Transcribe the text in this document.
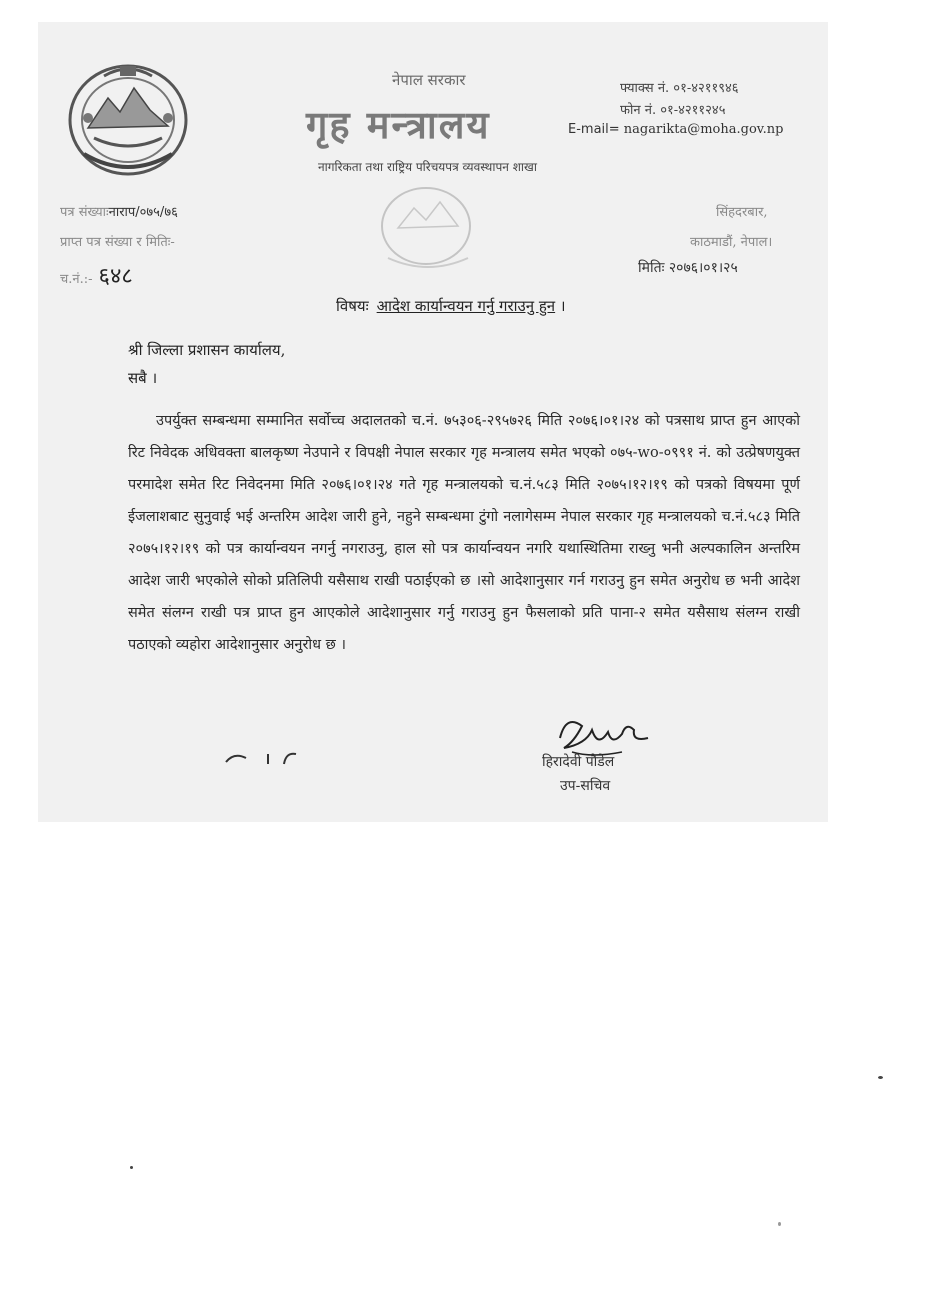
नेपाल सरकार
गृह मन्त्रालय
फ्याक्स नं. ०१-४२११९४६
फोन नं. ०१-४२११२४५
E-mail= nagarikta@moha.gov.np
नागरिकता तथा राष्ट्रिय परिचयपत्र व्यवस्थापन शाखा
पत्र संख्याःनाराप/०७५/७६
प्राप्त पत्र संख्या र मितिः-
च.नं.:- ६४८
सिंहदरबार,
काठमाडौं, नेपाल।
मितिः २०७६।०१।२५
विषयः आदेश कार्यान्वयन गर्नु गराउनु हुन ।
श्री जिल्ला प्रशासन कार्यालय,
सबै ।
उपर्युक्त सम्बन्धमा सम्मानित सर्वोच्च अदालतको च.नं. ७५३०६-२९५७२६ मिति २०७६।०१।२४ को पत्रसाथ प्राप्त हुन आएको रिट निवेदक अधिवक्ता बालकृष्ण नेउपाने र विपक्षी नेपाल सरकार गृह मन्त्रालय समेत भएको ०७५-wo-०९९१ नं. को उत्प्रेषणयुक्त परमादेश समेत रिट निवेदनमा मिति २०७६।०१।२४ गते गृह मन्त्रालयको च.नं.५८३ मिति २०७५।१२।१९ को पत्रको विषयमा पूर्ण ईजलाशबाट सुनुवाई भई अन्तरिम आदेश जारी हुने, नहुने सम्बन्धमा टुंगो नलागेसम्म नेपाल सरकार गृह मन्त्रालयको च.नं.५८३ मिति २०७५।१२।१९ को पत्र कार्यान्वयन नगर्नु नगराउनु, हाल सो पत्र कार्यान्वयन नगरि यथास्थितिमा राख्नु भनी अल्पकालिन अन्तरिम आदेश जारी भएकोले सोको प्रतिलिपी यसैसाथ राखी पठाईएको छ ।सो आदेशानुसार गर्न गराउनु हुन समेत अनुरोध छ भनी आदेश समेत संलग्न राखी पत्र प्राप्त हुन आएकोले आदेशानुसार गर्नु गराउनु हुन फैसलाको प्रति पाना-२ समेत यसैसाथ संलग्न राखी पठाएको व्यहोरा आदेशानुसार अनुरोध छ ।
हिरादेवी पौडेल
उप-सचिव
